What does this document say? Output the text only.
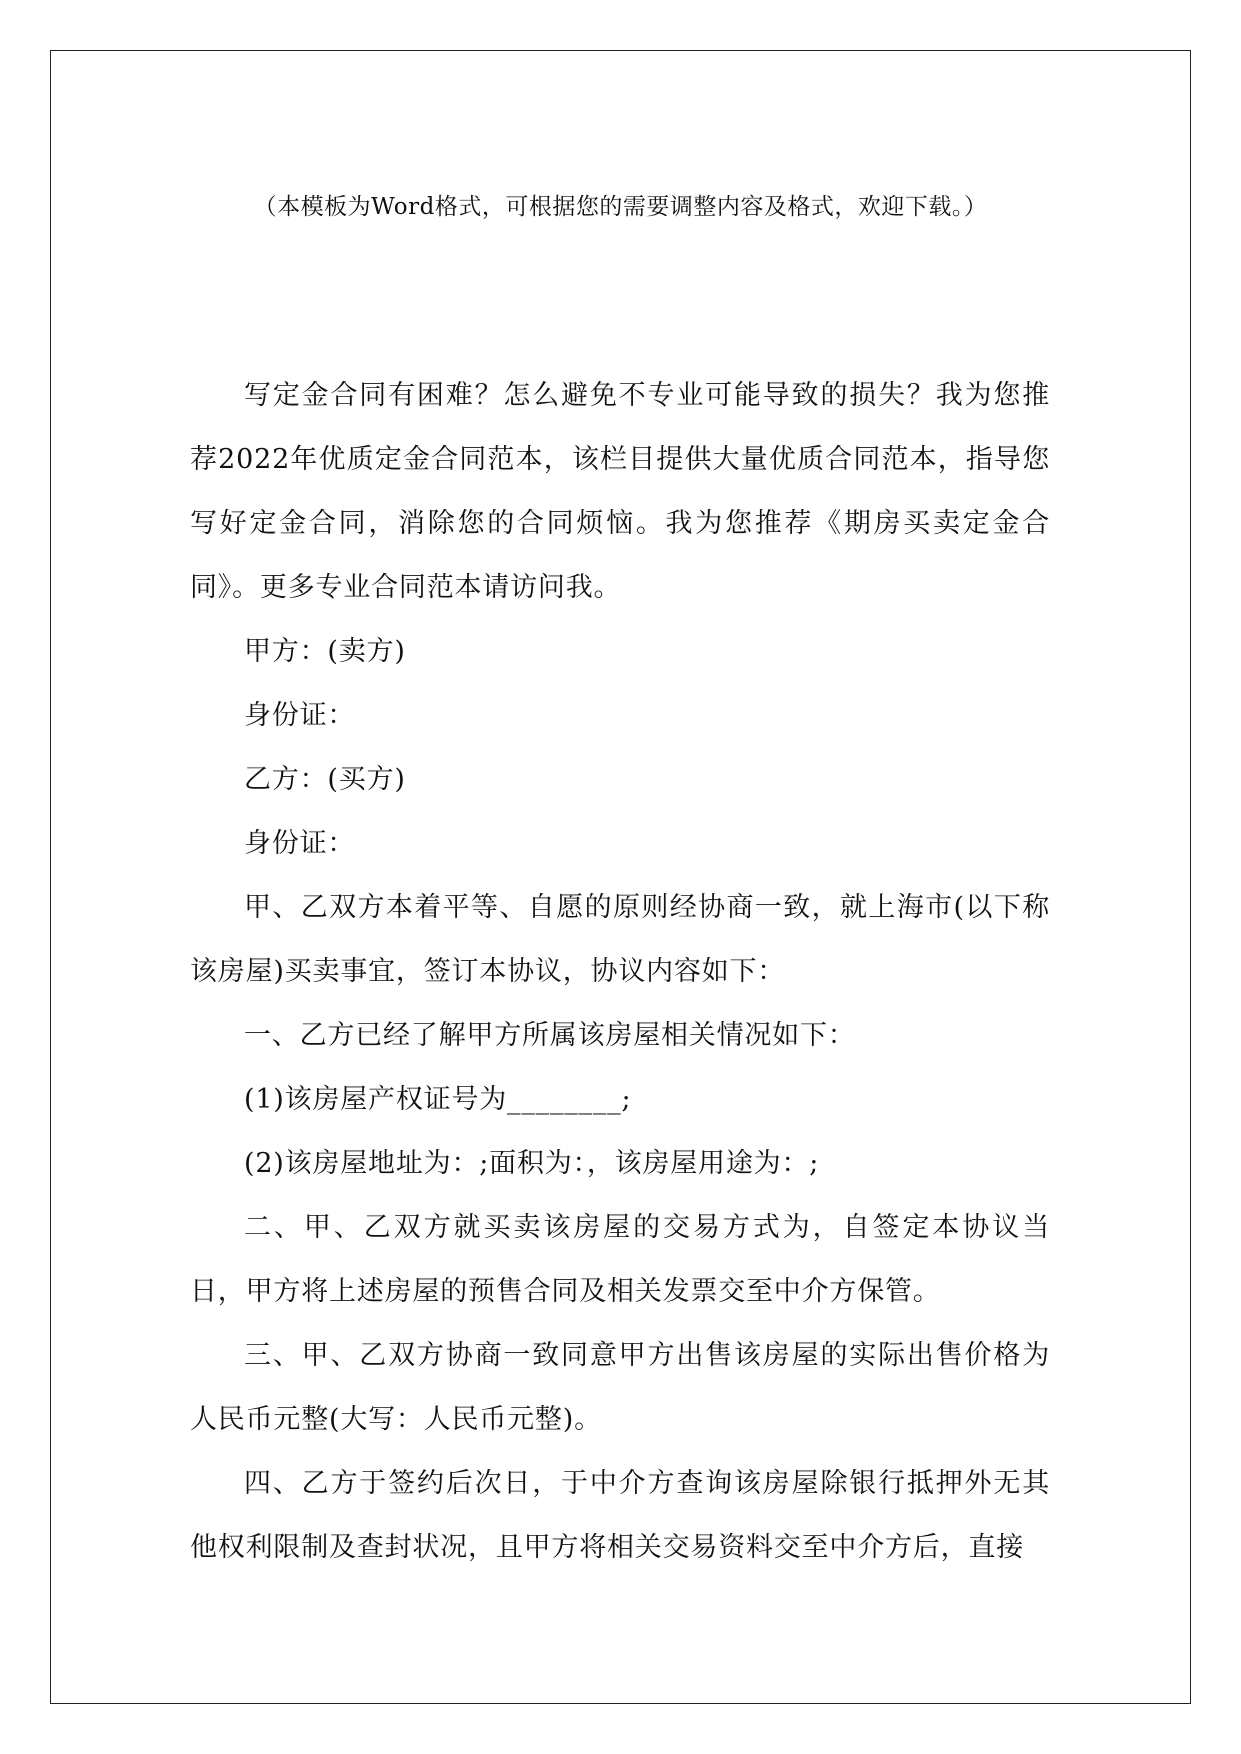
（本模板为Word格式，可根据您的需要调整内容及格式，欢迎下载。）

写定金合同有困难？怎么避免不专业可能导致的损失？我为您推荐2022年优质定金合同范本，该栏目提供大量优质合同范本，指导您写好定金合同，消除您的合同烦恼。我为您推荐《期房买卖定金合同》。更多专业合同范本请访问我。

甲方：(卖方)

身份证：

乙方：(买方)

身份证：

甲、乙双方本着平等、自愿的原则经协商一致，就上海市(以下称该房屋)买卖事宜，签订本协议，协议内容如下：

一、乙方已经了解甲方所属该房屋相关情况如下：

(1)该房屋产权证号为________;

(2)该房屋地址为：;面积为：，该房屋用途为：;

二、甲、乙双方就买卖该房屋的交易方式为，自签定本协议当日，甲方将上述房屋的预售合同及相关发票交至中介方保管。

三、甲、乙双方协商一致同意甲方出售该房屋的实际出售价格为人民币元整(大写：人民币元整)。

四、乙方于签约后次日，于中介方查询该房屋除银行抵押外无其他权利限制及查封状况，且甲方将相关交易资料交至中介方后，直接
